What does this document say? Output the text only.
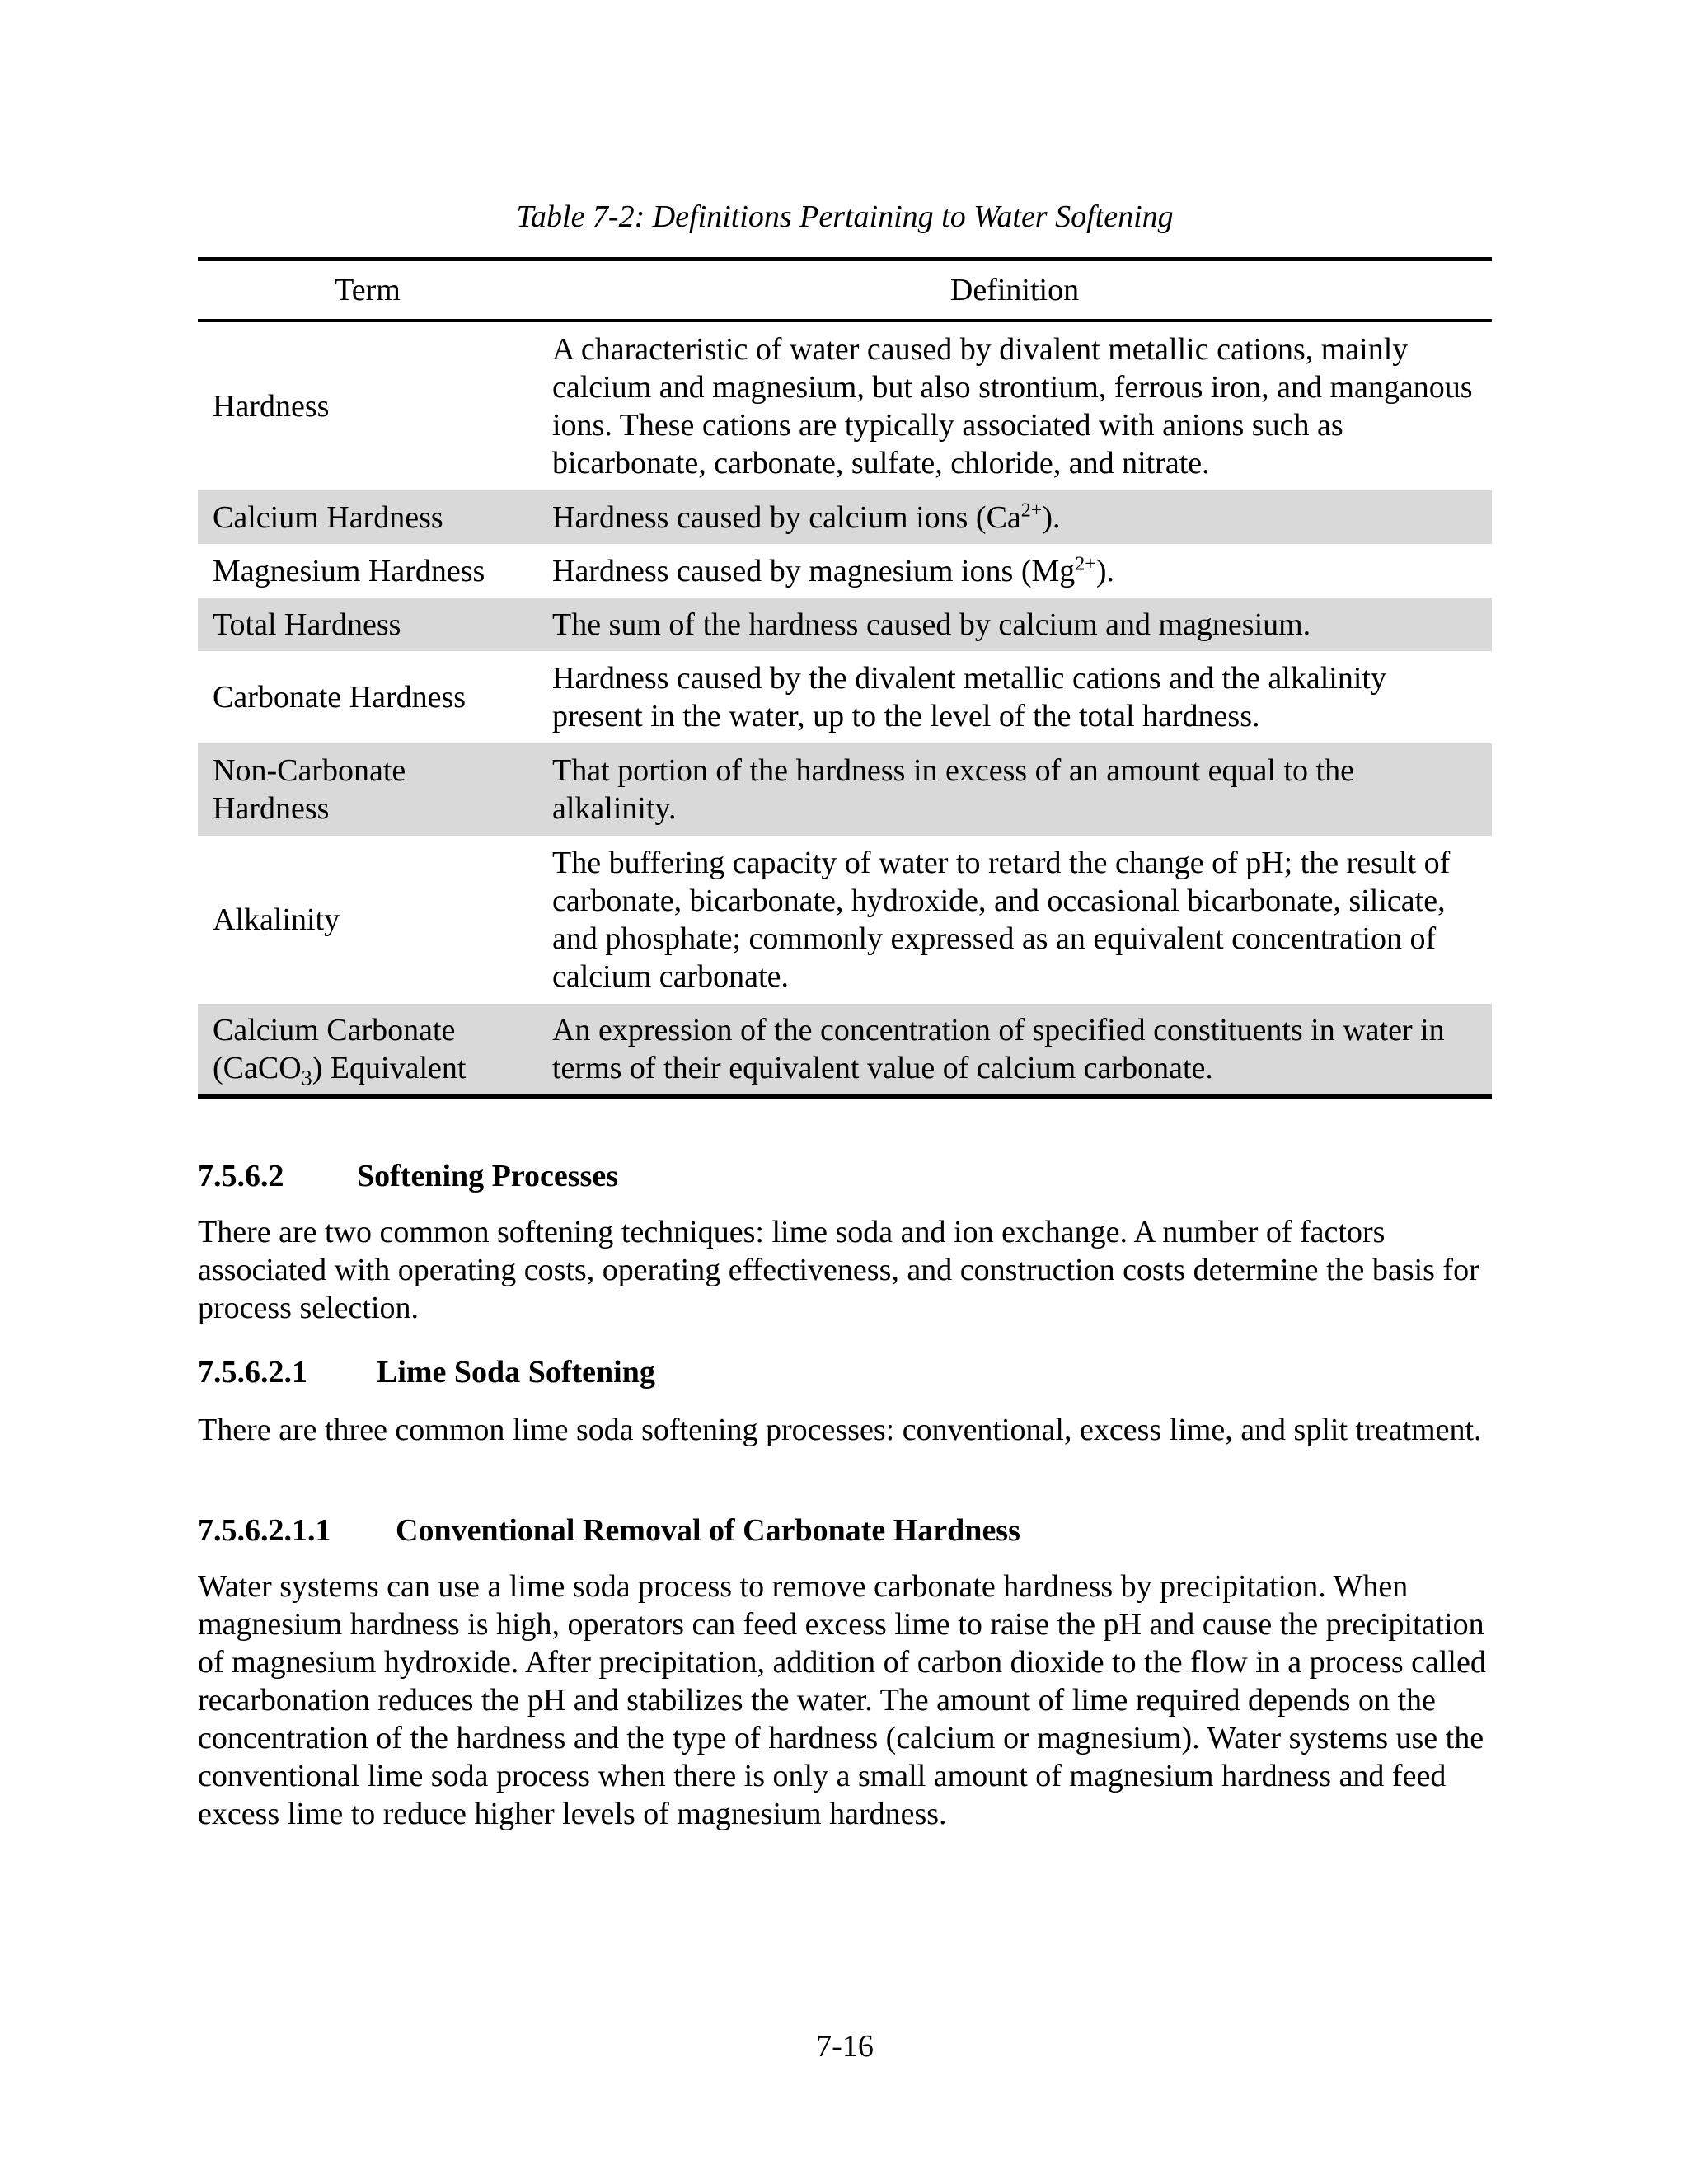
Table 7-2: Definitions Pertaining to Water Softening
Term	Definition
Hardness	A characteristic of water caused by divalent metallic cations, mainly calcium and magnesium, but also strontium, ferrous iron, and manganous ions. These cations are typically associated with anions such as bicarbonate, carbonate, sulfate, chloride, and nitrate.
Calcium Hardness	Hardness caused by calcium ions $(Ca^{2+})$.
Magnesium Hardness	Hardness caused by magnesium ions $(Mg^{2+})$.
Total Hardness	The sum of the hardness caused by calcium and magnesium.
Carbonate Hardness	Hardness caused by the divalent metallic cations and the alkalinity present in the water, up to the level of the total hardness.
Non-Carbonate Hardness	That portion of the hardness in excess of an amount equal to the alkalinity.
Alkalinity	The buffering capacity of water to retard the change of pH; the result of carbonate, bicarbonate, hydroxide, and occasional bicarbonate, silicate, and phosphate; commonly expressed as an equivalent concentration of calcium carbonate.
Calcium Carbonate (CaCO$_3$) Equivalent	An expression of the concentration of specified constituents in water in terms of their equivalent value of calcium carbonate.
7.5.6.2 Softening Processes
There are two common softening techniques: lime soda and ion exchange. A number of factors associated with operating costs, operating effectiveness, and construction costs determine the basis for process selection.
7.5.6.2.1 Lime Soda Softening
There are three common lime soda softening processes: conventional, excess lime, and split treatment.
7.5.6.2.1.1 Conventional Removal of Carbonate Hardness
Water systems can use a lime soda process to remove carbonate hardness by precipitation. When magnesium hardness is high, operators can feed excess lime to raise the pH and cause the precipitation of magnesium hydroxide. After precipitation, addition of carbon dioxide to the flow in a process called recarbonation reduces the pH and stabilizes the water. The amount of lime required depends on the concentration of the hardness and the type of hardness (calcium or magnesium). Water systems use the conventional lime soda process when there is only a small amount of magnesium hardness and feed excess lime to reduce higher levels of magnesium hardness.
7-16
